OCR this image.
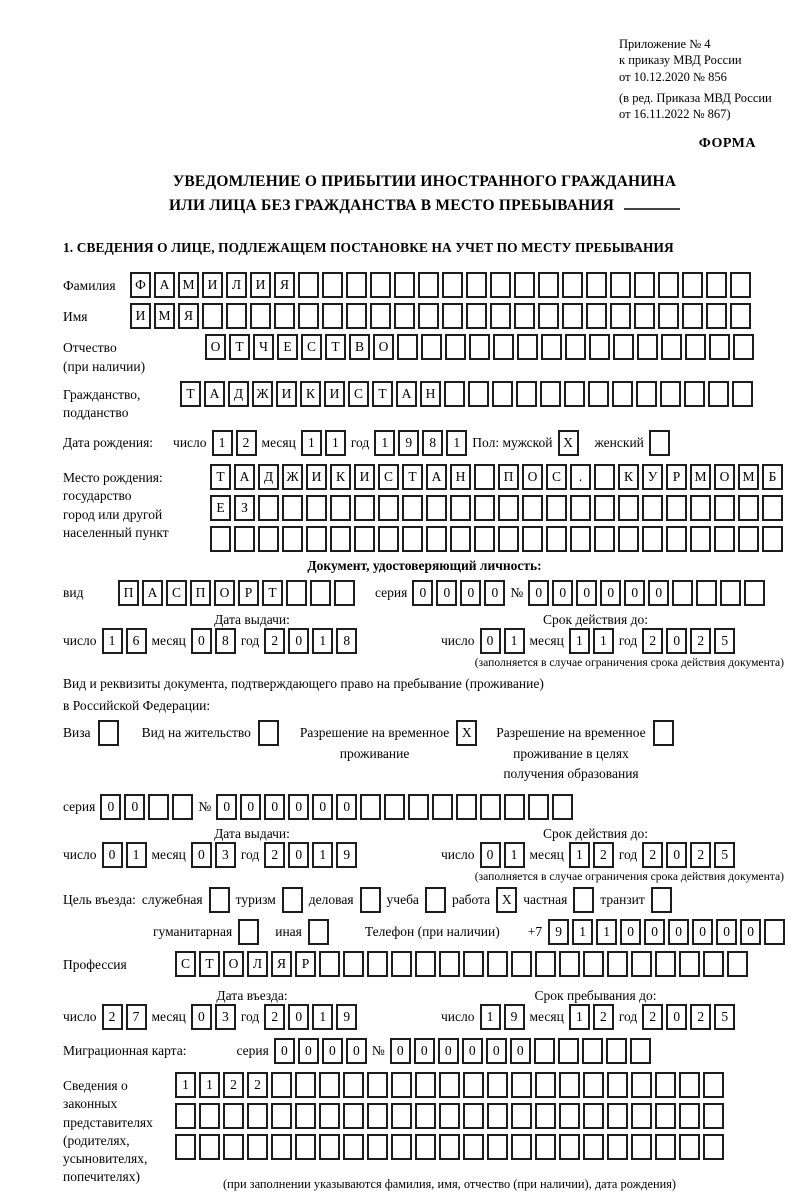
Приложение № 4
к приказу МВД России
от 10.12.2020 № 856
(в ред. Приказа МВД России
от 16.11.2022 № 867)
ФОРМА
УВЕДОМЛЕНИЕ О ПРИБЫТИИ ИНОСТРАННОГО ГРАЖДАНИНА
ИЛИ ЛИЦА БЕЗ ГРАЖДАНСТВА В МЕСТО ПРЕБЫВАНИЯ
1. СВЕДЕНИЯ О ЛИЦЕ, ПОДЛЕЖАЩЕМ ПОСТАНОВКЕ НА УЧЕТ ПО МЕСТУ ПРЕБЫВАНИЯ
Фамилия	Ф	А М И	Л	И	Я
Имя	И М Я
Отчество
(при наличии)
О	Т	Ч	Е	С	Т	В	О
Гражданство,
подданство
Т	А	Д Ж И	К	И	С	Т	А	Н
Дата рождения: число 1	2 месяц 1	1 год 1	9	8	1 Пол: мужской X	женский
Место рождения:
государство
город или другой
населенный пункт
Т	А	Д Ж И	К	И	С	Т	А	Н	П	О	С	.	К	У	Р	М О М	Б
Е	З
Документ, удостоверяющий личность:
вид	П	А	С	П	О	Р	Т	серия 0	0	0	0 № 0	0	0	0	0	0
Дата выдачи:	Срок действия до:
число 1	6 месяц 0	8 год 2	0	1	8	число 0	1 месяц 1	1 год 2	0	2	5
(заполняется в случае ограничения срока действия документа)
Вид и реквизиты документа, подтверждающего право на пребывание (проживание)
в Российской Федерации:
Виза	Вид на жительство	Разрешение на временное
проживание
X	Разрешение на временное
проживание в целях
получения образования
серия 0	0	№ 0	0	0	0	0	0
Дата выдачи:	Срок действия до:
число 0	1 месяц 0	3 год 2	0	1	9	число 0	1 месяц 1	2 год 2	0	2	5
(заполняется в случае ограничения срока действия документа)
Цель въезда: служебная туризм деловая учеба работа X частная транзит
гуманитарная	иная	Телефон (при наличии) +7 9	1	1	0	0	0	0	0	0
Профессия	С	Т	О	Л	Я	Р
Дата въезда:	Срок пребывания до:
число 2	7 месяц 0	3 год 2	0	1	9	число 1	9 месяц 1	2 год 2	0	2	5
Миграционная карта:	серия 0	0	0	0 № 0	0	0	0	0	0
Сведения о
законных
представителях
(родителях,
усыновителях,
попечителях)
1	1	2	2
(при заполнении указываются фамилия, имя, отчество (при наличии), дата рождения)
